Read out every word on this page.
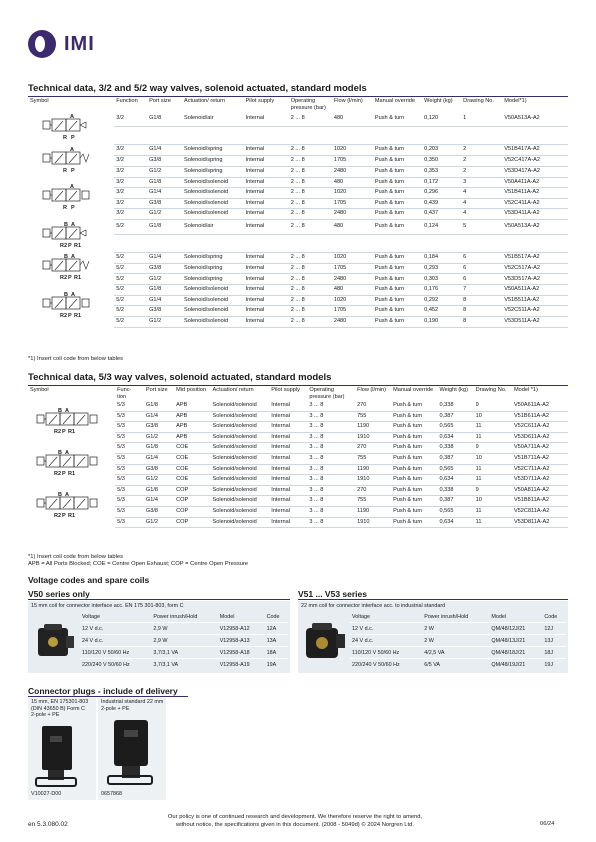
IMI
Technical data, 3/2 and 5/2 way valves, solenoid actuated, standard models
Symbol	Function	Port size	Actuation/ return	Pilot supply	Operating pressure (bar)	Flow (l/min)	Manual override	Weight (kg)	Drawing No.	Model*1)

A
R P	3/2	G1/8	Solenoid/air	Internal	2 ... 8	480	Push & turn	0,120	1	V50A513A-A2

A
R P	3/2	G1/4	Solenoid/spring	Internal	2 ... 8	1020	Push & turn	0,203	2	V51B417A-A2
	3/2	G3/8	Solenoid/spring	Internal	2 ... 8	1705	Push & turn	0,350	2	V52C417A-A2
	3/2	G1/2	Solenoid/spring	Internal	2 ... 8	2480	Push & turn	0,353	2	V53D417A-A2

A
R P	3/2	G1/8	Solenoid/solenoid	Internal	2 ... 8	480	Push & turn	0,172	3	V50A411A-A2
	3/2	G1/4	Solenoid/solenoid	Internal	2 ... 8	1020	Push & turn	0,296	4	V51B411A-A2
	3/2	G3/8	Solenoid/solenoid	Internal	2 ... 8	1705	Push & turn	0,439	4	V52C411A-A2
	3/2	G1/2	Solenoid/solenoid	Internal	2 ... 8	2480	Push & turn	0,437	4	V53D411A-A2

B A
R2 P R1	5/2	G1/8	Solenoid/air	Internal	2 ... 8	480	Push & turn	0,124	5	V50A513A-A2

B A
R2 P R1	5/2	G1/4	Solenoid/spring	Internal	2 ... 8	1020	Push & turn	0,184	6	V51B517A-A2
	5/2	G3/8	Solenoid/spring	Internal	2 ... 8	1705	Push & turn	0,293	6	V52C517A-A2
	5/2	G1/2	Solenoid/spring	Internal	2 ... 8	2480	Push & turn	0,303	6	V53D517A-A2

B A
R2 P R1	5/2	G1/8	Solenoid/solenoid	Internal	2 ... 8	480	Push & turn	0,176	7	V50A511A-A2
	5/2	G1/4	Solenoid/solenoid	Internal	2 ... 8	1020	Push & turn	0,292	8	V51B511A-A2
	5/2	G3/8	Solenoid/solenoid	Internal	2 ... 8	1705	Push & turn	0,452	8	V52C511A-A2
	5/2	G1/2	Solenoid/solenoid	Internal	2 ... 8	2480	Push & turn	0,190	8	V53D511A-A2
*1) Insert coil code from below tables
Technical data, 5/3 way valves, solenoid actuated, standard models
Symbol	Func- tion	Port size	Mid position	Actuation/ return	Pilot supply	Operating pressure (bar)	Flow (l/min)	Manual override	Weight (kg)	Drawing No.	Model *1)

B A
R2 P R1	5/3	G1/8	APB	Solenoid/solenoid	Internal	3 ... 8	270	Push & turn	0,338	9	V50A611A-A2
	5/3	G1/4	APB	Solenoid/solenoid	Internal	3 ... 8	755	Push & turn	0,387	10	V51B611A-A2
	5/3	G3/8	APB	Solenoid/solenoid	Internal	3 ... 8	1190	Push & turn	0,565	11	V52C611A-A2
	5/3	G1/2	APB	Solenoid/solenoid	Internal	3 ... 8	1910	Push & turn	0,634	11	V53D611A-A2

B A
R2 P R1	5/3	G1/8	COE	Solenoid/solenoid	Internal	3 ... 8	270	Push & turn	0,338	9	V50A711A-A2
	5/3	G1/4	COE	Solenoid/solenoid	Internal	3 ... 8	755	Push & turn	0,387	10	V51B711A-A2
	5/3	G3/8	COE	Solenoid/solenoid	Internal	3 ... 8	1190	Push & turn	0,565	11	V52C711A-A2
	5/3	G1/2	COE	Solenoid/solenoid	Internal	3 ... 8	1910	Push & turn	0,634	11	V53D711A-A2

B A
R2 P R1	5/3	G1/8	COP	Solenoid/solenoid	Internal	3 ... 8	270	Push & turn	0,338	9	V50A811A-A2
	5/3	G1/4	COP	Solenoid/solenoid	Internal	3 ... 8	755	Push & turn	0,387	10	V51B811A-A2
	5/3	G3/8	COP	Solenoid/solenoid	Internal	3 ... 8	1190	Push & turn	0,565	11	V52C811A-A2
	5/3	G1/2	COP	Solenoid/solenoid	Internal	3 ... 8	1910	Push & turn	0,634	11	V53D811A-A2
*1) Insert coil code from below tables
APB = All Ports Blocked; COE = Centre Open Exhaust; COP = Centre Open Pressure
Voltage codes and spare coils
V50 series only	V51 ... V53 series
15 mm coil for connector interface acc. EN 175 301-803, form C
Voltage	Power inrush/Hold	Model	Code
12 V d.c.	2,9 W	V12958-A12	12A
24 V d.c.	2,9 W	V12958-A13	13A
110/120 V 50/60 Hz	3,7/3,1 VA	V12958-A18	18A
220/240 V 50/60 Hz	3,7/3,1 VA	V12958-A19	19A
22 mm coil for connector interface acc. to industrial standard
Voltage	Power inrush/Hold	Model	Code
12 V d.c.	2 W	QM/48/12J/21	12J
24 V d.c.	2 W	QM/48/13J/21	13J
110/120 V 50/60 Hz	4/2,5 VA	QM/48/18J/21	18J
220/240 V 50/60 Hz	6/5 VA	QM/48/19J/21	19J
Connector plugs - include of delivery
15 mm, EN 175301-803
(DIN 43650 B) Form C
2-pole + PE
Industrial standard 22 mm
2-pole + PE
V10027-D00	0657868
en 5.3.080.02
Our policy is one of continued research and development. We therefore reserve the right to amend,
without notice, the specifications given in this document. (2008 - 5049d) © 2024 Norgren Ltd.	06/24
